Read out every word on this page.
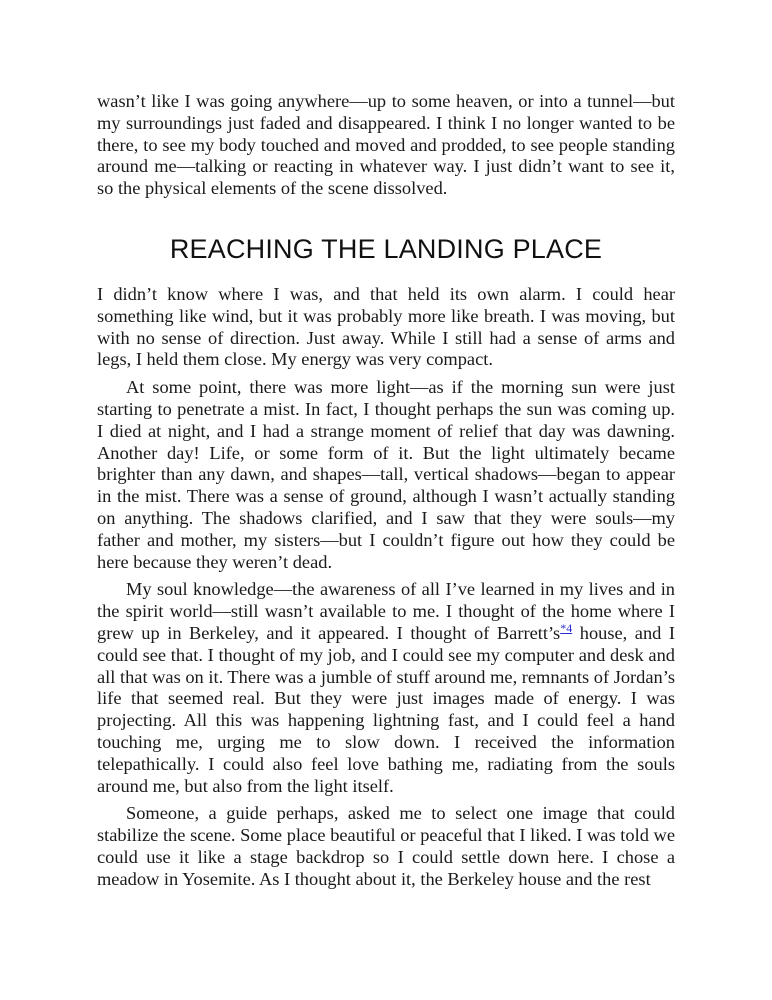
wasn’t like I was going anywhere—up to some heaven, or into a tunnel—but my surroundings just faded and disappeared. I think I no longer wanted to be there, to see my body touched and moved and prodded, to see people standing around me—talking or reacting in whatever way. I just didn’t want to see it, so the physical elements of the scene dissolved.

REACHING THE LANDING PLACE

I didn’t know where I was, and that held its own alarm. I could hear something like wind, but it was probably more like breath. I was moving, but with no sense of direction. Just away. While I still had a sense of arms and legs, I held them close. My energy was very compact.

At some point, there was more light—as if the morning sun were just starting to penetrate a mist. In fact, I thought perhaps the sun was coming up. I died at night, and I had a strange moment of relief that day was dawning. Another day! Life, or some form of it. But the light ultimately became brighter than any dawn, and shapes—tall, vertical shadows—began to appear in the mist. There was a sense of ground, although I wasn’t actually standing on anything. The shadows clarified, and I saw that they were souls—my father and mother, my sisters—but I couldn’t figure out how they could be here because they weren’t dead.

My soul knowledge—the awareness of all I’ve learned in my lives and in the spirit world—still wasn’t available to me. I thought of the home where I grew up in Berkeley, and it appeared. I thought of Barrett’s$^{*4}$ house, and I could see that. I thought of my job, and I could see my computer and desk and all that was on it. There was a jumble of stuff around me, remnants of Jordan’s life that seemed real. But they were just images made of energy. I was projecting. All this was happening lightning fast, and I could feel a hand touching me, urging me to slow down. I received the information telepathically. I could also feel love bathing me, radiating from the souls around me, but also from the light itself.

Someone, a guide perhaps, asked me to select one image that could stabilize the scene. Some place beautiful or peaceful that I liked. I was told we could use it like a stage backdrop so I could settle down here. I chose a meadow in Yosemite. As I thought about it, the Berkeley house and the rest
